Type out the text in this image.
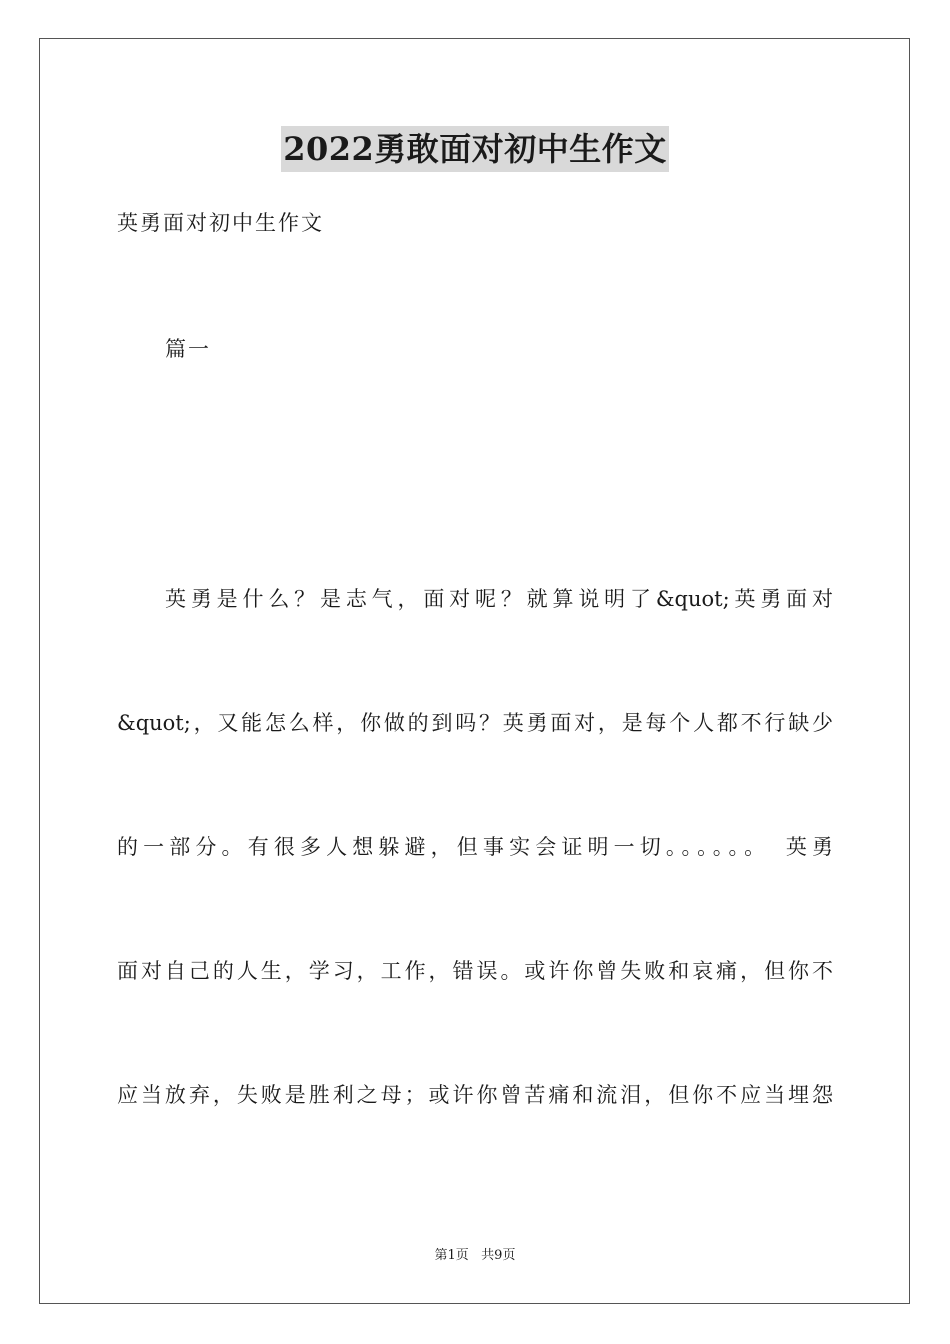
2022勇敢面对初中生作文
英勇面对初中生作文
篇一
英勇是什么？是志气，面对呢？就算说明了&quot;英勇面对
&quot;，又能怎么样，你做的到吗？英勇面对，是每个人都不行缺少
的一部分。有很多人想躲避，但事实会证明一切。。。。。。　英勇
面对自己的人生，学习，工作，错误。或许你曾失败和哀痛，但你不
应当放弃，失败是胜利之母；或许你曾苦痛和流泪，但你不应当埋怨
第1页   共9页
